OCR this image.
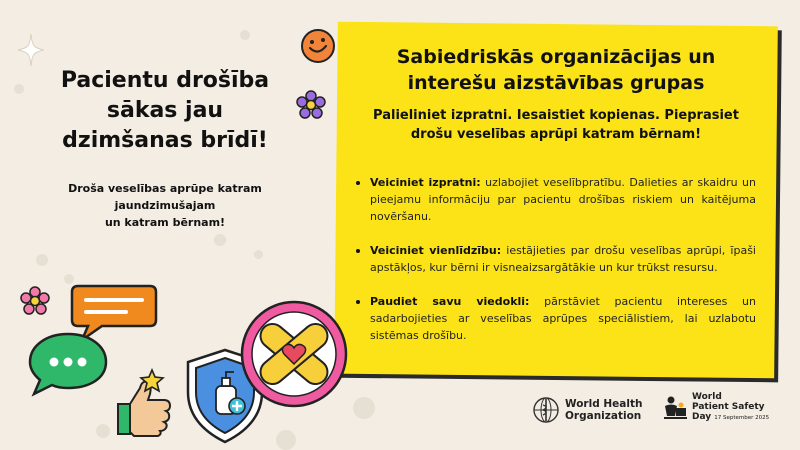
Pacientu drošība
sākas jau
dzimšanas brīdī!
Droša veselības aprūpe katram jaundzimušajam
un katram bērnam!
Sabiedriskās organizācijas un
interešu aizstāvības grupas
Palieliniet izpratni. Iesaistiet kopienas. Pieprasiet
drošu veselības aprūpi katram bērnam!
Veiciniet izpratni: uzlabojiet veselībpratību. Dalieties ar skaidru un pieejamu informāciju par pacientu drošības riskiem un kaitējuma novēršanu.
Veiciniet vienlīdzību: iestājieties par drošu veselības aprūpi, īpaši apstākļos, kur bērni ir visneaizsargātākie un kur trūkst resursu.
Paudiet savu viedokli: pārstāviet pacientu intereses un sadarbojieties ar veselības aprūpes speciālistiem, lai uzlabotu sistēmas drošību.
World Health
Organization
World
Patient Safety
Day 17 September 2025
